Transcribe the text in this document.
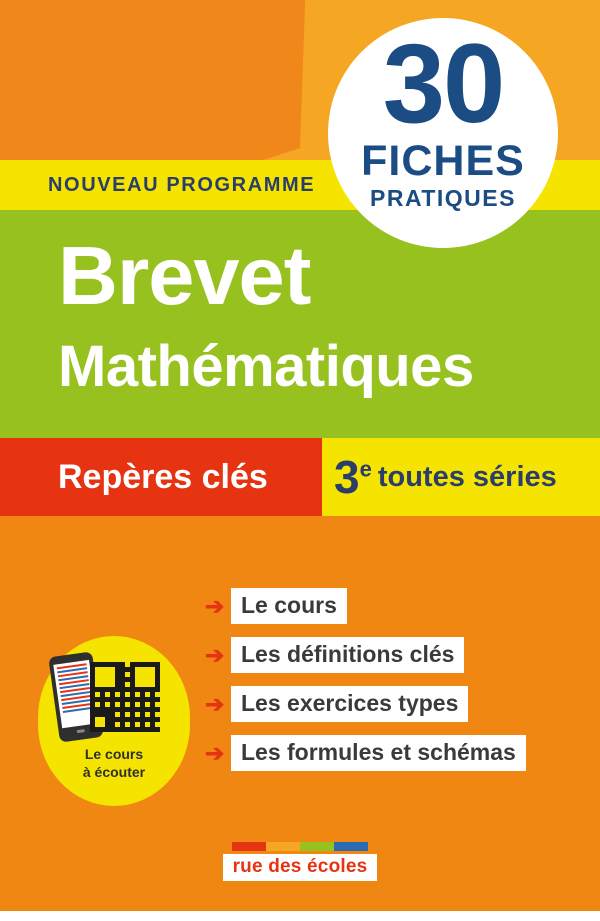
NOUVEAU PROGRAMME
Brevet
Mathématiques
Repères clés 3e toutes séries
30
FICHES
PRATIQUES
➔ Le cours
➔ Les définitions clés
➔ Les exercices types
➔ Les formules et schémas
Le cours
à écouter
rue des écoles
